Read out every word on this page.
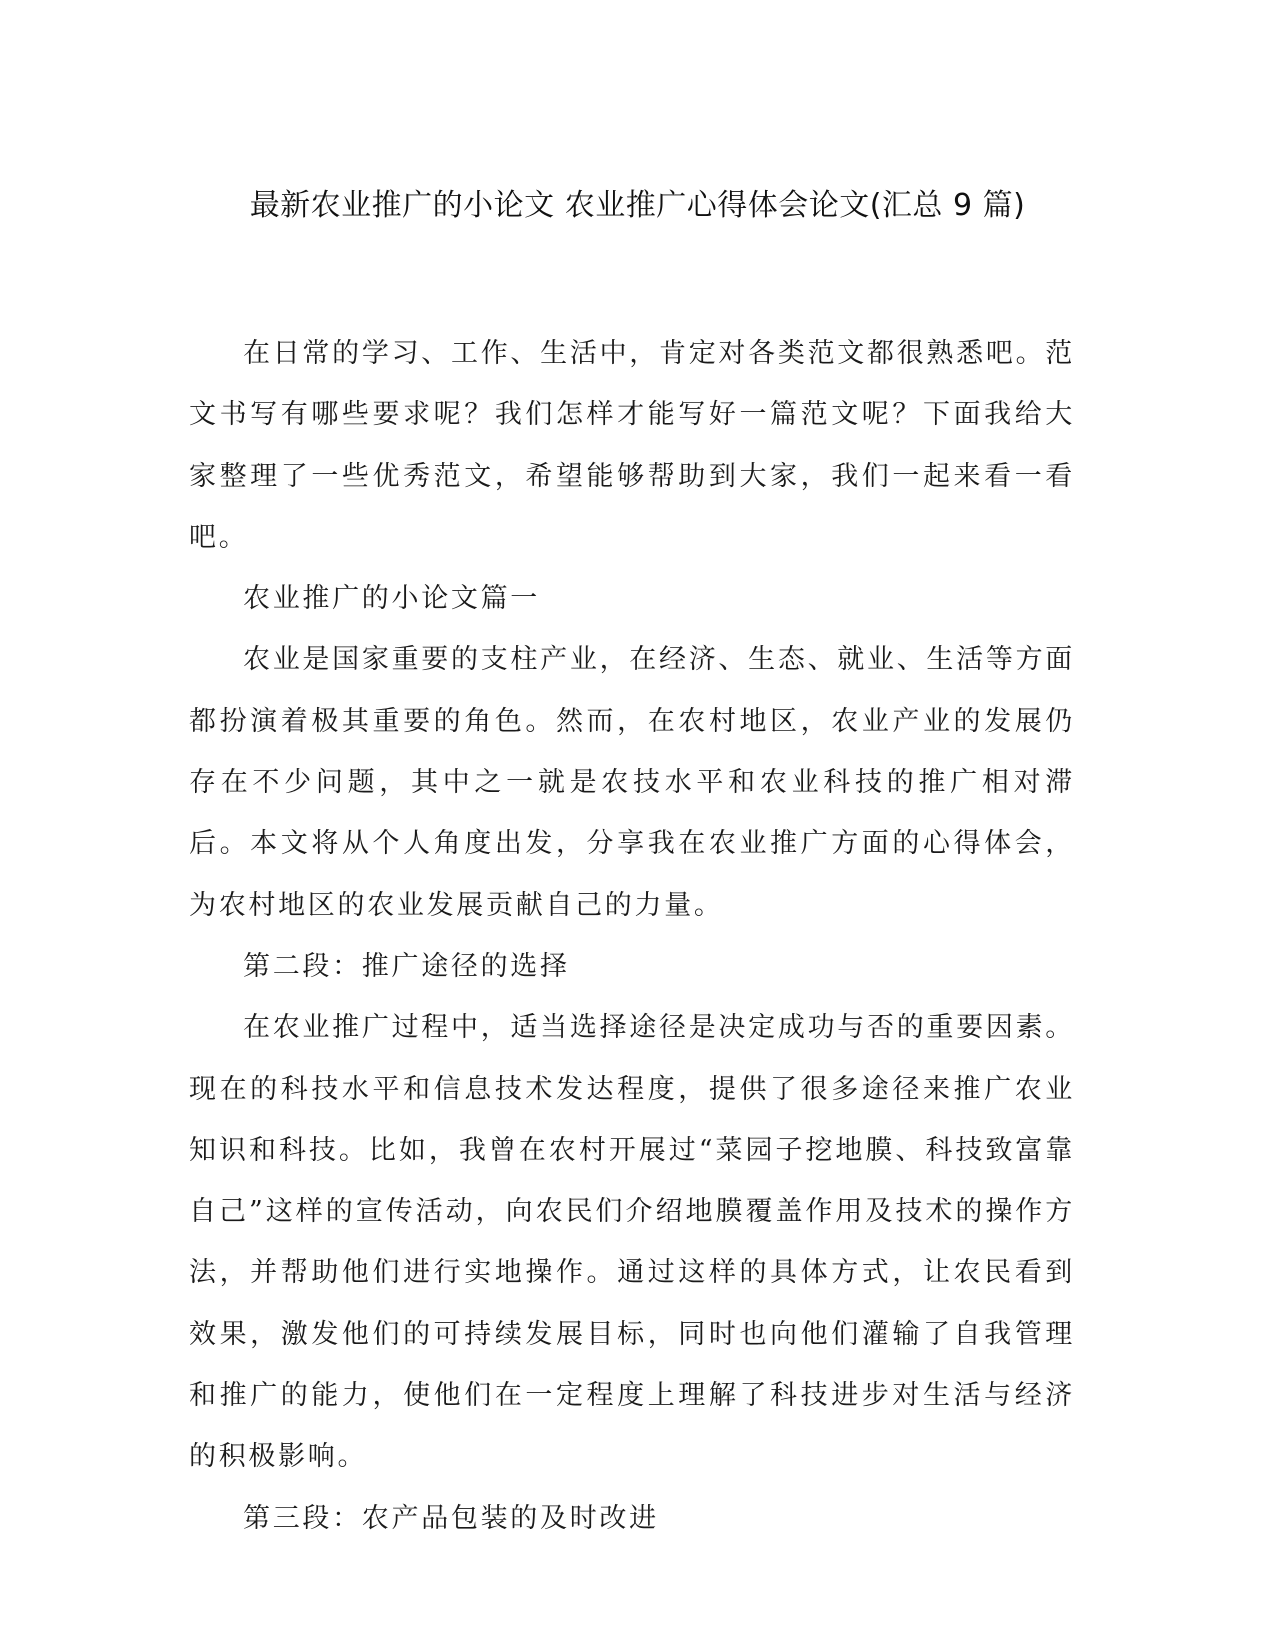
最新农业推广的小论文 农业推广心得体会论文(汇总 9 篇)

在日常的学习、工作、生活中，肯定对各类范文都很熟悉吧。范文书写有哪些要求呢？我们怎样才能写好一篇范文呢？下面我给大家整理了一些优秀范文，希望能够帮助到大家，我们一起来看一看吧。

农业推广的小论文篇一

农业是国家重要的支柱产业，在经济、生态、就业、生活等方面都扮演着极其重要的角色。然而，在农村地区，农业产业的发展仍存在不少问题，其中之一就是农技水平和农业科技的推广相对滞后。本文将从个人角度出发，分享我在农业推广方面的心得体会，为农村地区的农业发展贡献自己的力量。

第二段：推广途径的选择

在农业推广过程中，适当选择途径是决定成功与否的重要因素。现在的科技水平和信息技术发达程度，提供了很多途径来推广农业知识和科技。比如，我曾在农村开展过“菜园子挖地膜、科技致富靠自己”这样的宣传活动，向农民们介绍地膜覆盖作用及技术的操作方法，并帮助他们进行实地操作。通过这样的具体方式，让农民看到效果，激发他们的可持续发展目标，同时也向他们灌输了自我管理和推广的能力，使他们在一定程度上理解了科技进步对生活与经济的积极影响。

第三段：农产品包装的及时改进
